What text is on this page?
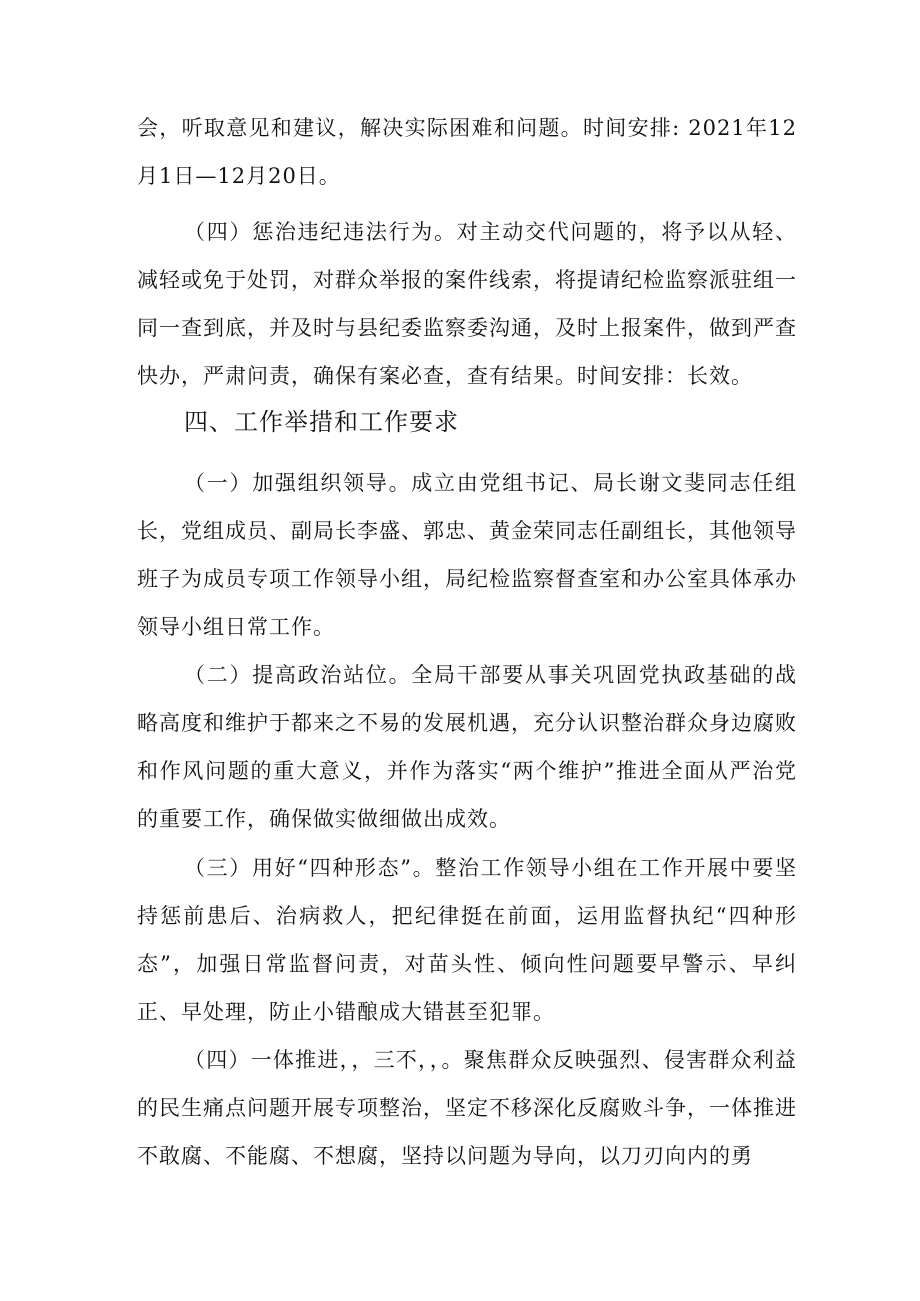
会，听取意见和建议，解决实际困难和问题。时间安排: 2021年12月1日—12月20日。

（四）惩治违纪违法行为。对主动交代问题的，将予以从轻、减轻或免于处罚，对群众举报的案件线索，将提请纪检监察派驻组一同一查到底，并及时与县纪委监察委沟通，及时上报案件，做到严查快办，严肃问责，确保有案必查，查有结果。时间安排：长效。

四、工作举措和工作要求

（一）加强组织领导。成立由党组书记、局长谢文斐同志任组长，党组成员、副局长李盛、郭忠、黄金荣同志任副组长，其他领导班子为成员专项工作领导小组，局纪检监察督查室和办公室具体承办领导小组日常工作。

（二）提高政治站位。全局干部要从事关巩固党执政基础的战略高度和维护于都来之不易的发展机遇，充分认识整治群众身边腐败和作风问题的重大意义，并作为落实“两个维护”推进全面从严治党的重要工作，确保做实做细做出成效。

（三）用好“四种形态”。整治工作领导小组在工作开展中要坚持惩前患后、治病救人，把纪律挺在前面，运用监督执纪“四种形态”，加强日常监督问责，对苗头性、倾向性问题要早警示、早纠正、早处理，防止小错酿成大错甚至犯罪。

（四）一体推进，，三不，，。聚焦群众反映强烈、侵害群众利益的民生痛点问题开展专项整治，坚定不移深化反腐败斗争，一体推进不敢腐、不能腐、不想腐，坚持以问题为导向，以刀刃向内的勇
